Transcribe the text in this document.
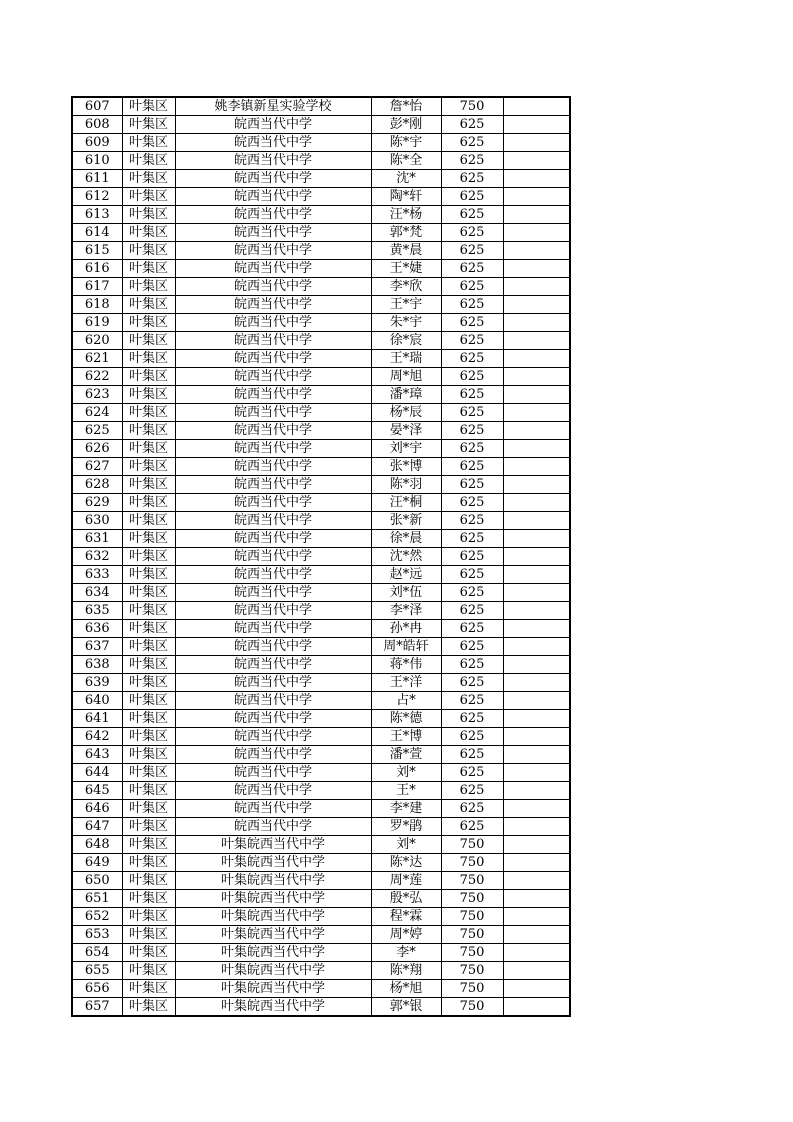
607	叶集区	姚李镇新星实验学校	詹*怡	750	
608	叶集区	皖西当代中学	彭*刚	625	
609	叶集区	皖西当代中学	陈*宇	625	
610	叶集区	皖西当代中学	陈*全	625	
611	叶集区	皖西当代中学	沈*	625	
612	叶集区	皖西当代中学	陶*轩	625	
613	叶集区	皖西当代中学	汪*杨	625	
614	叶集区	皖西当代中学	郭*梵	625	
615	叶集区	皖西当代中学	黄*晨	625	
616	叶集区	皖西当代中学	王*婕	625	
617	叶集区	皖西当代中学	李*欣	625	
618	叶集区	皖西当代中学	王*宇	625	
619	叶集区	皖西当代中学	朱*宇	625	
620	叶集区	皖西当代中学	徐*宸	625	
621	叶集区	皖西当代中学	王*瑞	625	
622	叶集区	皖西当代中学	周*旭	625	
623	叶集区	皖西当代中学	潘*璋	625	
624	叶集区	皖西当代中学	杨*辰	625	
625	叶集区	皖西当代中学	晏*泽	625	
626	叶集区	皖西当代中学	刘*宇	625	
627	叶集区	皖西当代中学	张*博	625	
628	叶集区	皖西当代中学	陈*羽	625	
629	叶集区	皖西当代中学	汪*桐	625	
630	叶集区	皖西当代中学	张*新	625	
631	叶集区	皖西当代中学	徐*晨	625	
632	叶集区	皖西当代中学	沈*然	625	
633	叶集区	皖西当代中学	赵*远	625	
634	叶集区	皖西当代中学	刘*伍	625	
635	叶集区	皖西当代中学	李*泽	625	
636	叶集区	皖西当代中学	孙*冉	625	
637	叶集区	皖西当代中学	周*皓轩	625	
638	叶集区	皖西当代中学	蒋*伟	625	
639	叶集区	皖西当代中学	王*洋	625	
640	叶集区	皖西当代中学	占*	625	
641	叶集区	皖西当代中学	陈*德	625	
642	叶集区	皖西当代中学	王*博	625	
643	叶集区	皖西当代中学	潘*萱	625	
644	叶集区	皖西当代中学	刘*	625	
645	叶集区	皖西当代中学	王*	625	
646	叶集区	皖西当代中学	李*建	625	
647	叶集区	皖西当代中学	罗*鹃	625	
648	叶集区	叶集皖西当代中学	刘*	750	
649	叶集区	叶集皖西当代中学	陈*达	750	
650	叶集区	叶集皖西当代中学	周*莲	750	
651	叶集区	叶集皖西当代中学	殷*弘	750	
652	叶集区	叶集皖西当代中学	程*霖	750	
653	叶集区	叶集皖西当代中学	周*婷	750	
654	叶集区	叶集皖西当代中学	李*	750	
655	叶集区	叶集皖西当代中学	陈*翔	750	
656	叶集区	叶集皖西当代中学	杨*旭	750	
657	叶集区	叶集皖西当代中学	郭*银	750	
